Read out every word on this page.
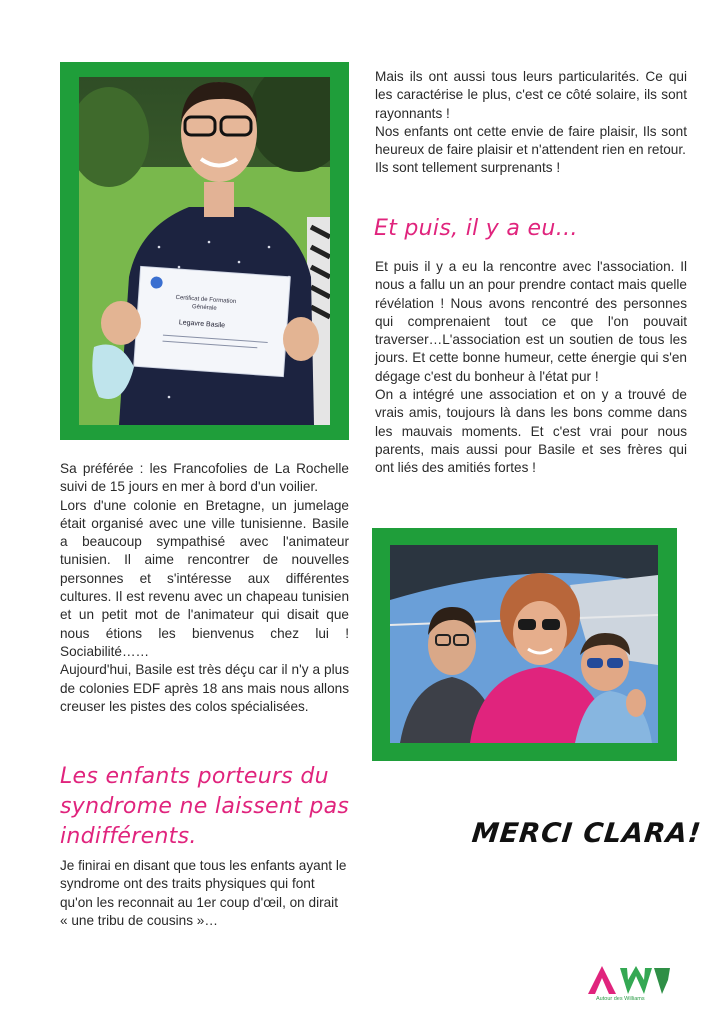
Certificat de Formation
Générale
Legavre Basile

Mais ils ont aussi tous leurs particularités. Ce qui les caractérise le plus, c'est ce côté solaire, ils sont rayonnants !

Nos enfants ont cette envie de faire plaisir, Ils sont heureux de faire plaisir et n'attendent rien en retour.

Ils sont tellement surprenants !

Et puis, il y a eu…

Et puis il y a eu la rencontre avec l'association. Il nous a fallu un an pour prendre contact mais quelle révélation ! Nous avons rencontré des personnes qui comprenaient tout ce que l'on pouvait traverser…L'association est un soutien de tous les jours. Et cette bonne humeur, cette énergie qui s'en dégage c'est du bonheur à l'état pur !

On a intégré une association et on y a trouvé de vrais amis, toujours là dans les bons comme dans les mauvais moments. Et c'est vrai pour nous parents, mais aussi pour Basile et ses frères qui ont liés des amitiés fortes !

Sa préférée : les Francofolies de La Rochelle suivi de 15 jours en mer à bord d'un voilier.

Lors d'une colonie en Bretagne, un jumelage était organisé avec une ville tunisienne. Basile a beaucoup sympathisé avec l'animateur tunisien. Il aime rencontrer de nouvelles personnes et s'intéresse aux différentes cultures. Il est revenu avec un chapeau tunisien et un petit mot de l'animateur qui disait que nous étions les bienvenus chez lui ! Sociabilité……

Aujourd'hui, Basile est très déçu car il n'y a plus de colonies EDF après 18 ans mais nous allons creuser les pistes des colos spécialisées.

Les enfants porteurs du syndrome ne laissent pas indifférents.
Je finirai en disant que tous les enfants ayant le syndrome ont des traits physiques qui font qu'on les reconnait au 1er coup d'œil, on dirait « une tribu de cousins »…
MERCI CLARA!
Autour des Williams
